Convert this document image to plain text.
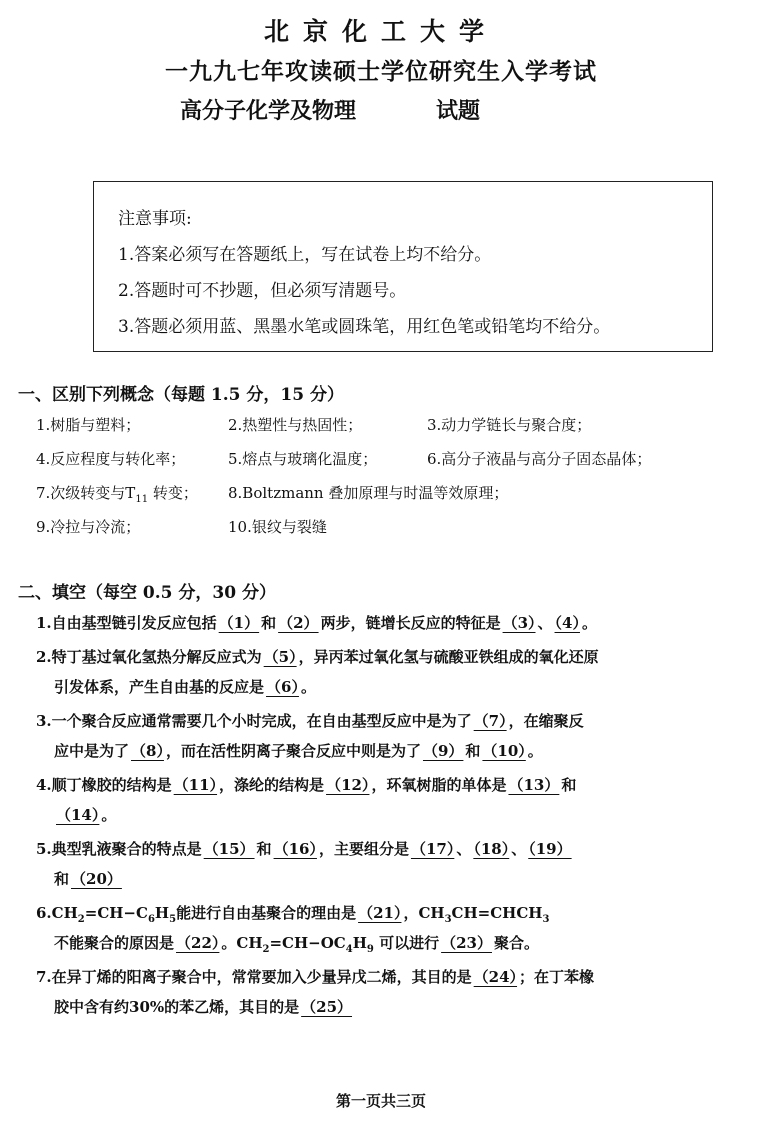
北京化工大学
一九九七年攻读硕士学位研究生入学考试
高分子化学及物理	试题
注意事项:
1.答案必须写在答题纸上，写在试卷上均不给分。
2.答题时可不抄题，但必须写清题号。
3.答题必须用蓝、黑墨水笔或圆珠笔，用红色笔或铅笔均不给分。
一、区别下列概念（每题 1.5 分，15 分）
1.树脂与塑料；	2.热塑性与热固性；	3.动力学链长与聚合度；
4.反应程度与转化率；	5.熔点与玻璃化温度；	6.高分子液晶与高分子固态晶体；
7.次级转变与$T_{11}$ 转变； 8.Boltzmann 叠加原理与时温等效原理；
9.冷拉与冷流；	10.银纹与裂缝
二、填空（每空 0.5 分，30 分）
1.自由基型链引发反应包括 （1） 和 （2） 两步，链增长反应的特征是 （3） 、 （4） 。
2.特丁基过氧化氢热分解反应式为 （5） ，异丙苯过氧化氢与硫酸亚铁组成的氧化还原
引发体系，产生自由基的反应是 （6） 。
3.一个聚合反应通常需要几个小时完成，在自由基型反应中是为了 （7） ，在缩聚反
应中是为了 （8） ，而在活性阴离子聚合反应中则是为了 （9） 和 （10） 。
4.顺丁橡胶的结构是 （11） ，涤纶的结构是 （12） ，环氧树脂的单体是 （13） 和
（14） 。
5.典型乳液聚合的特点是 （15） 和 （16） ，主要组分是 （17） 、 （18） 、 （19）
和 （20）
$6.CH_2=CH-C_6H_5$能进行自由基聚合的理由是 （21） ，$CH_3CH=CHCH_3$
不能聚合的原因是 （22） 。$CH_2=CH-OC_4H_9$ 可以进行 （23） 聚合。
7.在异丁烯的阳离子聚合中，常常要加入少量异戊二烯，其目的是 （24） ；在丁苯橡
胶中含有约30%的苯乙烯，其目的是 （25）
第一页共三页
